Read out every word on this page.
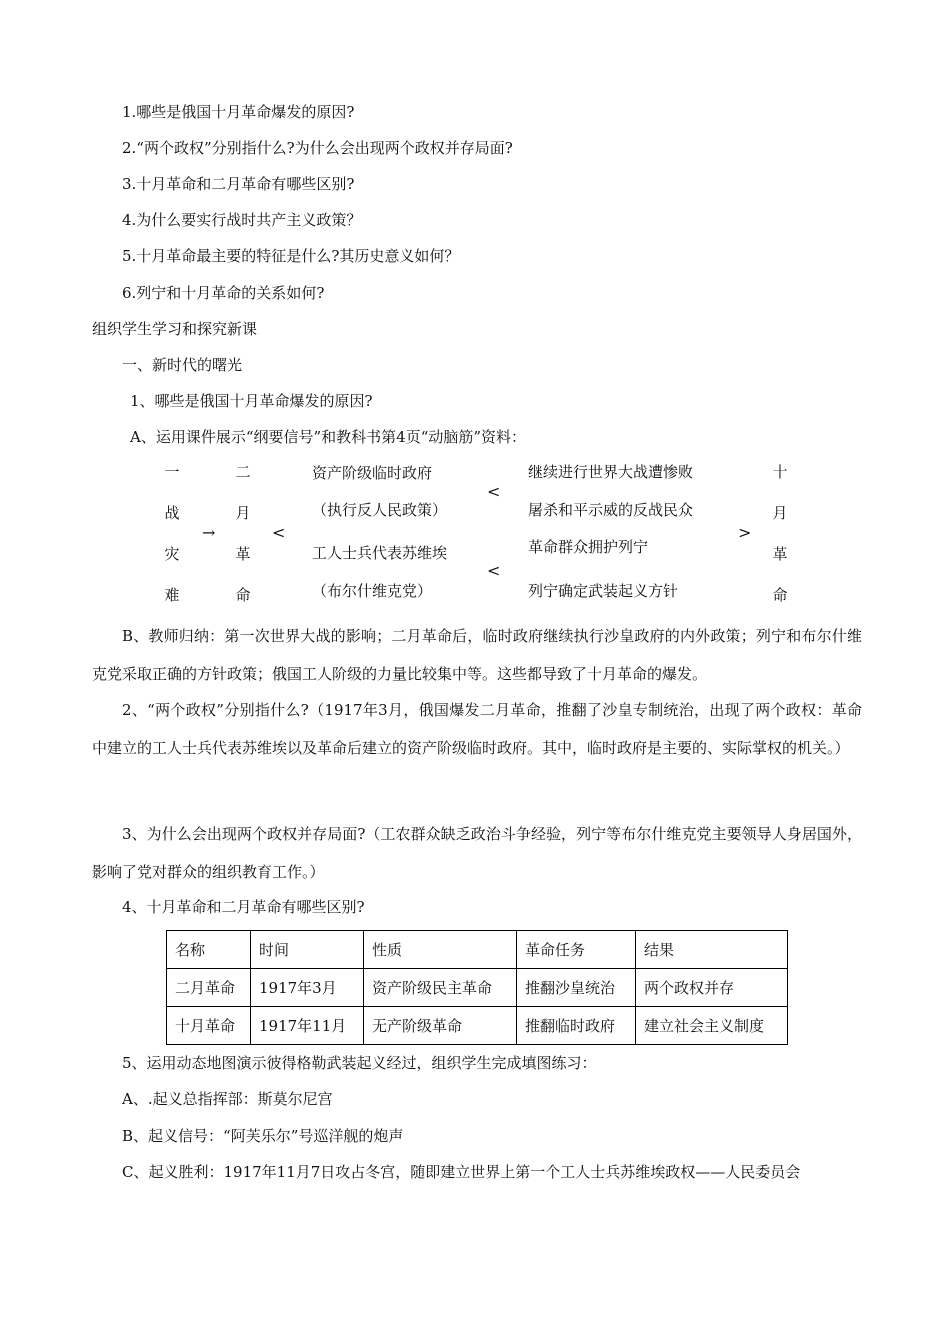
1.哪些是俄国十月革命爆发的原因?
2.“两个政权”分别指什么?为什么会出现两个政权并存局面?
3.十月革命和二月革命有哪些区别?
4.为什么要实行战时共产主义政策？
5.十月革命最主要的特征是什么?其历史意义如何？
6.列宁和十月革命的关系如何?
组织学生学习和探究新课
一、新时代的曙光
1、哪些是俄国十月革命爆发的原因?
A、运用课件展示“纲要信号”和教科书第4页“动脑筋”资料：
一
战
灾
难
→
二
月
革
命
<
资产阶级临时政府
（执行反人民政策）
工人士兵代表苏维埃
（布尔什维克党）
<
<
继续进行世界大战遭惨败
屠杀和平示威的反战民众
革命群众拥护列宁
列宁确定武装起义方针
>
十
月
革
命
B、教师归纳：第一次世界大战的影响；二月革命后，临时政府继续执行沙皇政府的内外政策；列宁和布尔什维克党采取正确的方针政策；俄国工人阶级的力量比较集中等。这些都导致了十月革命的爆发。
2、“两个政权”分别指什么?（1917年3月，俄国爆发二月革命，推翻了沙皇专制统治，出现了两个政权：革命中建立的工人士兵代表苏维埃以及革命后建立的资产阶级临时政府。其中，临时政府是主要的、实际掌权的机关。）
3、为什么会出现两个政权并存局面?（工农群众缺乏政治斗争经验，列宁等布尔什维克党主要领导人身居国外，影响了党对群众的组织教育工作。）
4、十月革命和二月革命有哪些区别?
名称	时间	性质	革命任务	结果
二月革命	1917年3月	资产阶级民主革命	推翻沙皇统治	两个政权并存
十月革命	1917年11月	无产阶级革命	推翻临时政府	建立社会主义制度
5、运用动态地图演示彼得格勒武装起义经过，组织学生完成填图练习：
A、.起义总指挥部：斯莫尔尼宫
B、起义信号：“阿芙乐尔”号巡洋舰的炮声
C、起义胜利：1917年11月7日攻占冬宫，随即建立世界上第一个工人士兵苏维埃政权——人民委员会
